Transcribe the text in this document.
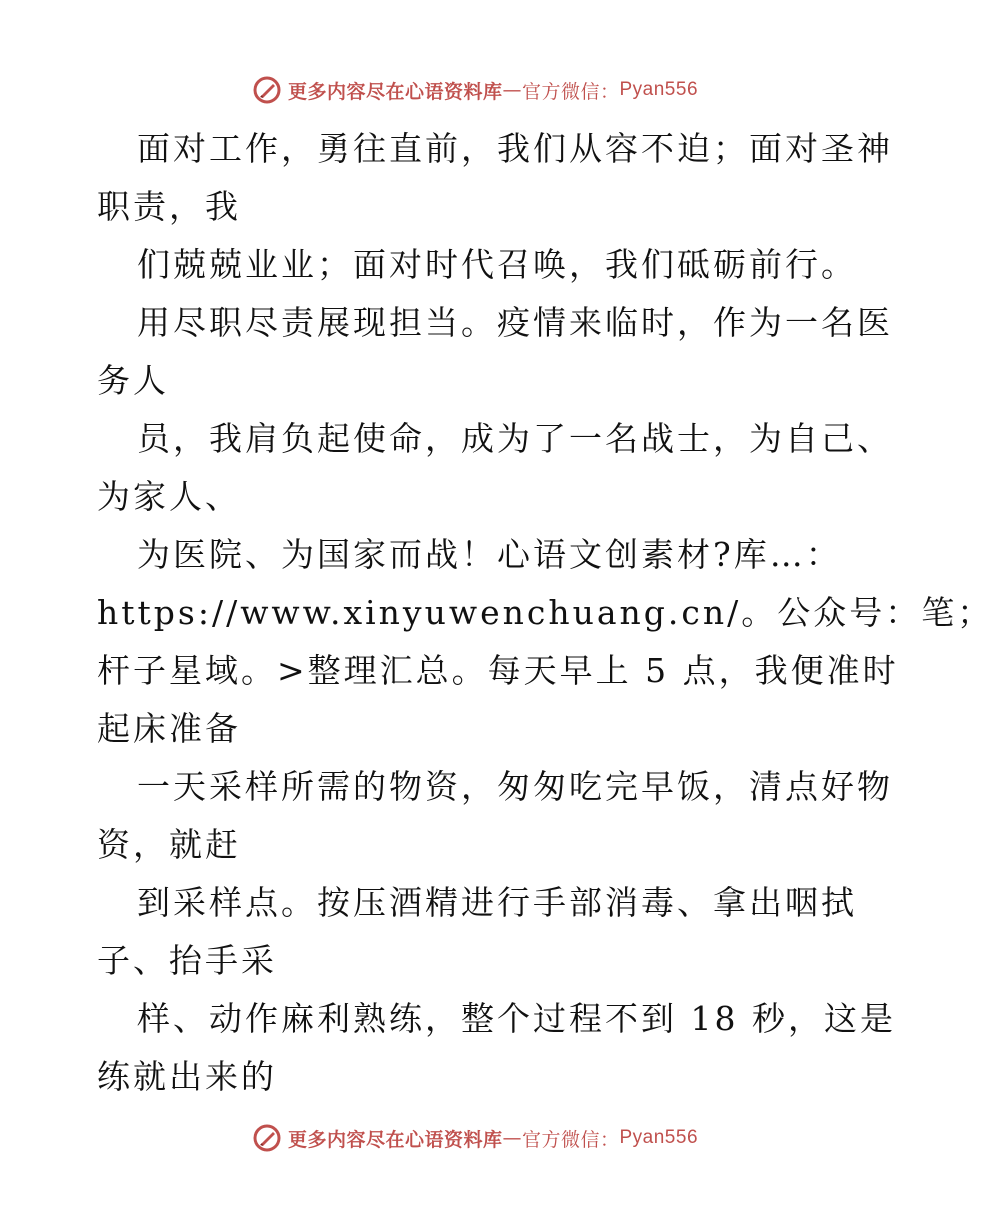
更多内容尽在心语资料库 — 官方微信： Pyan556
面对工作，勇往直前，我们从容不迫；面对圣神
职责，我
们兢兢业业；面对时代召唤，我们砥砺前行。
用尽职尽责展现担当。疫情来临时，作为一名医
务人
员，我肩负起使命，成为了一名战士，为自己、
为家人、
为医院、为国家而战！心语文创素材?库…：
https://www.xinyuwenchuang.cn/。公众号：笔；
杆子星域。>整理汇总。每天早上 5 点，我便准时
起床准备
一天采样所需的物资，匆匆吃完早饭，清点好物
资，就赶
到采样点。按压酒精进行手部消毒、拿出咽拭
子、抬手采
样、动作麻利熟练，整个过程不到 18 秒，这是
练就出来的
更多内容尽在心语资料库 — 官方微信： Pyan556
